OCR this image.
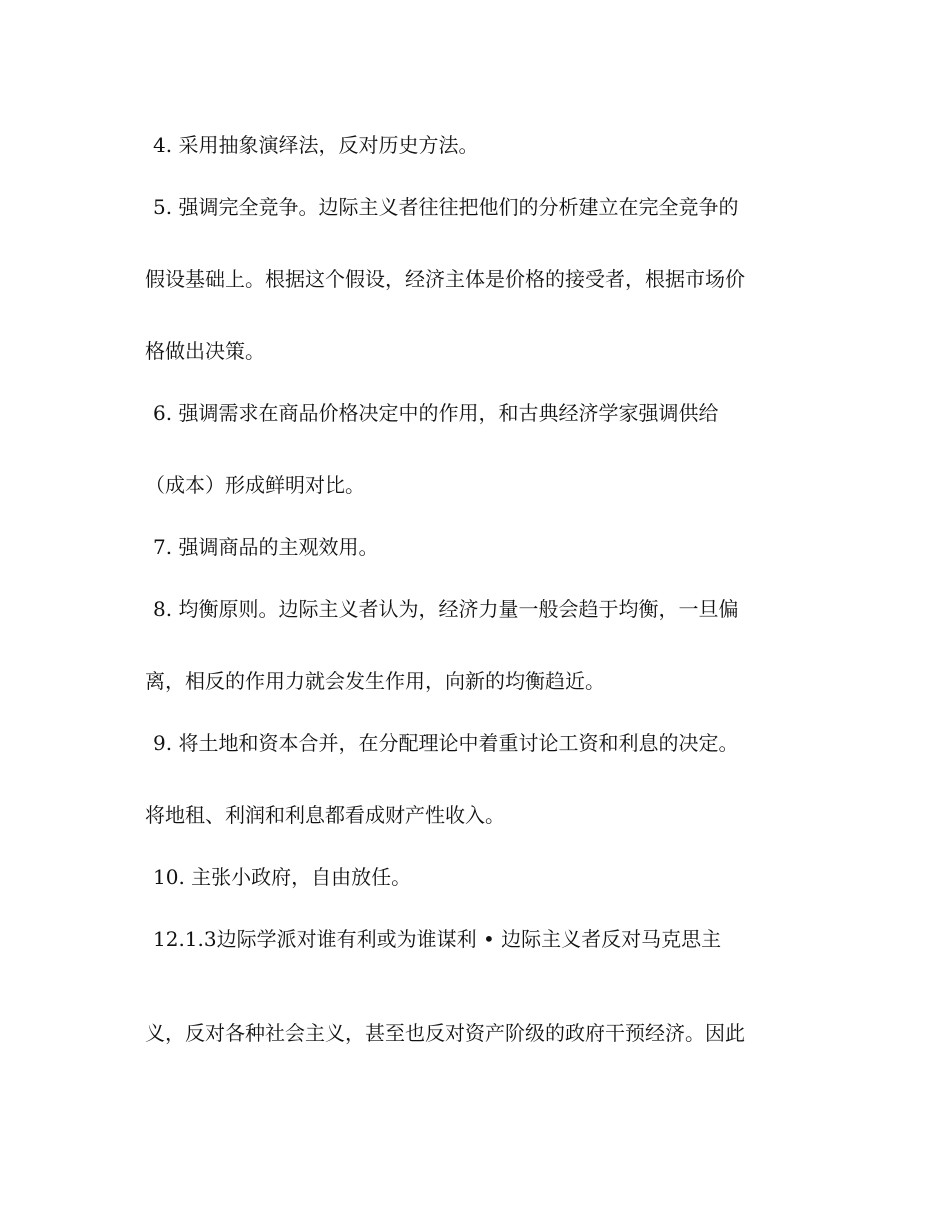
4. 采用抽象演绎法，反对历史方法。
5. 强调完全竞争。边际主义者往往把他们的分析建立在完全竞争的
假设基础上。根据这个假设，经济主体是价格的接受者，根据市场价
格做出决策。
6. 强调需求在商品价格决定中的作用，和古典经济学家强调供给
（成本）形成鲜明对比。
7. 强调商品的主观效用。
8. 均衡原则。边际主义者认为，经济力量一般会趋于均衡，一旦偏
离，相反的作用力就会发生作用，向新的均衡趋近。
9. 将土地和资本合并，在分配理论中着重讨论工资和利息的决定。
将地租、利润和利息都看成财产性收入。
10. 主张小政府，自由放任。
12.1.3边际学派对谁有利或为谁谋利 • 边际主义者反对马克思主
义，反对各种社会主义，甚至也反对资产阶级的政府干预经济。因此
